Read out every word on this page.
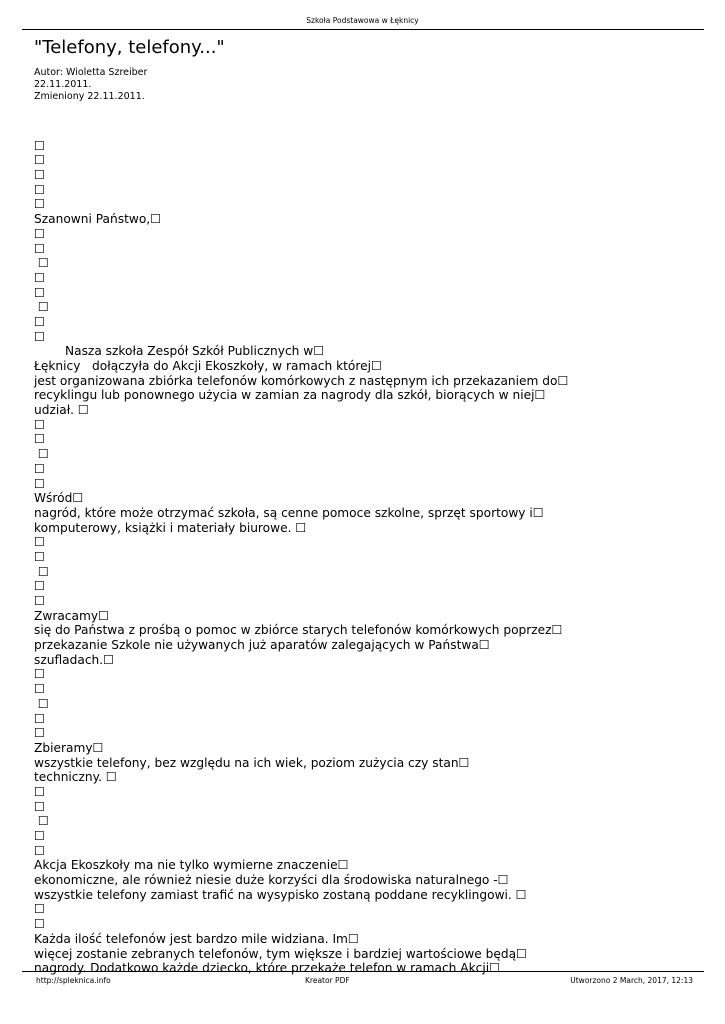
Szkoła Podstawowa w Łęknicy
"Telefony, telefony..."
Autor: Wioletta Szreiber
22.11.2011.
Zmieniony 22.11.2011.
☐
☐
☐
☐
☐
Szanowni Państwo,☐
☐
☐
☐
☐
☐
☐
☐
☐
Nasza szkoła Zespół Szkół Publicznych w☐
Łęknicy   dołączyła do Akcji Ekoszkoły, w ramach której☐
jest organizowana zbiórka telefonów komórkowych z następnym ich przekazaniem do☐
recyklingu lub ponownego użycia w zamian za nagrody dla szkół, biorących w niej☐
udział. ☐
☐
☐
☐
☐
☐
Wśród☐
nagród, które może otrzymać szkoła, są cenne pomoce szkolne, sprzęt sportowy i☐
komputerowy, książki i materiały biurowe. ☐
☐
☐
☐
☐
☐
Zwracamy☐
się do Państwa z prośbą o pomoc w zbiórce starych telefonów komórkowych poprzez☐
przekazanie Szkole nie używanych już aparatów zalegających w Państwa☐
szufladach.☐
☐
☐
☐
☐
☐
Zbieramy☐
wszystkie telefony, bez względu na ich wiek, poziom zużycia czy stan☐
techniczny. ☐
☐
☐
☐
☐
☐
Akcja Ekoszkoły ma nie tylko wymierne znaczenie☐
ekonomiczne, ale również niesie duże korzyści dla środowiska naturalnego -☐
wszystkie telefony zamiast trafić na wysypisko zostaną poddane recyklingowi. ☐
☐
☐
Każda ilość telefonów jest bardzo mile widziana. Im☐
więcej zostanie zebranych telefonów, tym większe i bardziej wartościowe będą☐
nagrody. Dodatkowo każde dziecko, które przekaże telefon w ramach Akcji☐
http://spleknica.info	Kreator PDF	Utworzono 2 March, 2017, 12:13
